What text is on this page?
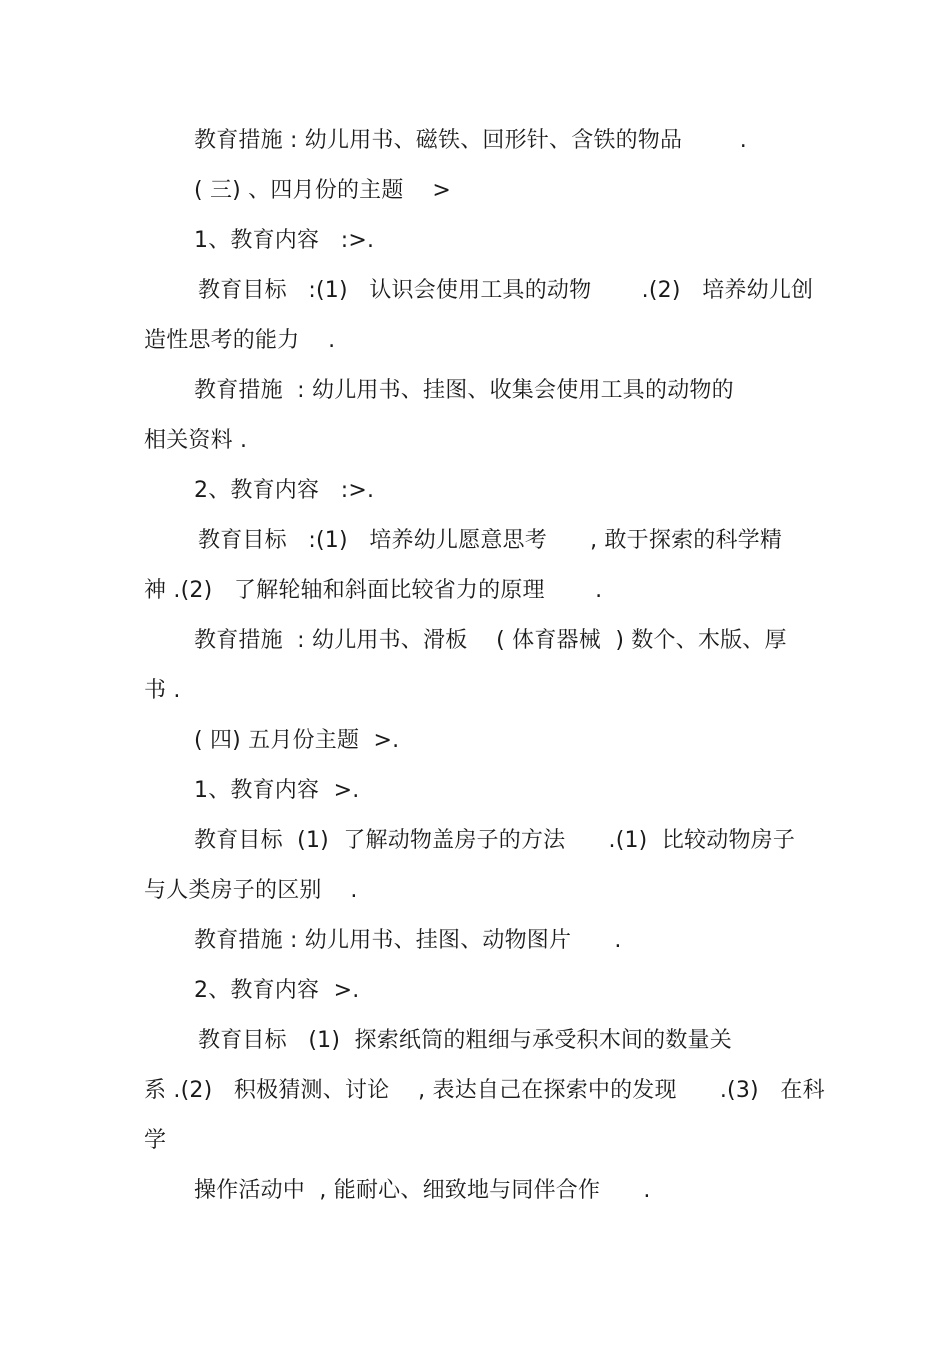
教育措施 : 幼儿用书、磁铁、回形针、含铁的物品        .
( 三) 、四月份的主题    >
1、教育内容   :>.
教育目标   :(1)   认识会使用工具的动物       .(2)   培养幼儿创
造性思考的能力    .
教育措施  : 幼儿用书、挂图、收集会使用工具的动物的
相关资料 .
2、教育内容   :>.
教育目标   :(1)   培养幼儿愿意思考      , 敢于探索的科学精
神 .(2)   了解轮轴和斜面比较省力的原理       .
教育措施  : 幼儿用书、滑板    ( 体育器械  ) 数个、木版、厚
书 .
( 四) 五月份主题  >.
1、教育内容  >.
教育目标  (1)  了解动物盖房子的方法      .(1)  比较动物房子
与人类房子的区别    .
教育措施 : 幼儿用书、挂图、动物图片      .
2、教育内容  >.
教育目标   (1)  探索纸筒的粗细与承受积木间的数量关
系 .(2)   积极猜测、讨论    , 表达自己在探索中的发现      .(3)   在科
学
操作活动中  , 能耐心、细致地与同伴合作      .
